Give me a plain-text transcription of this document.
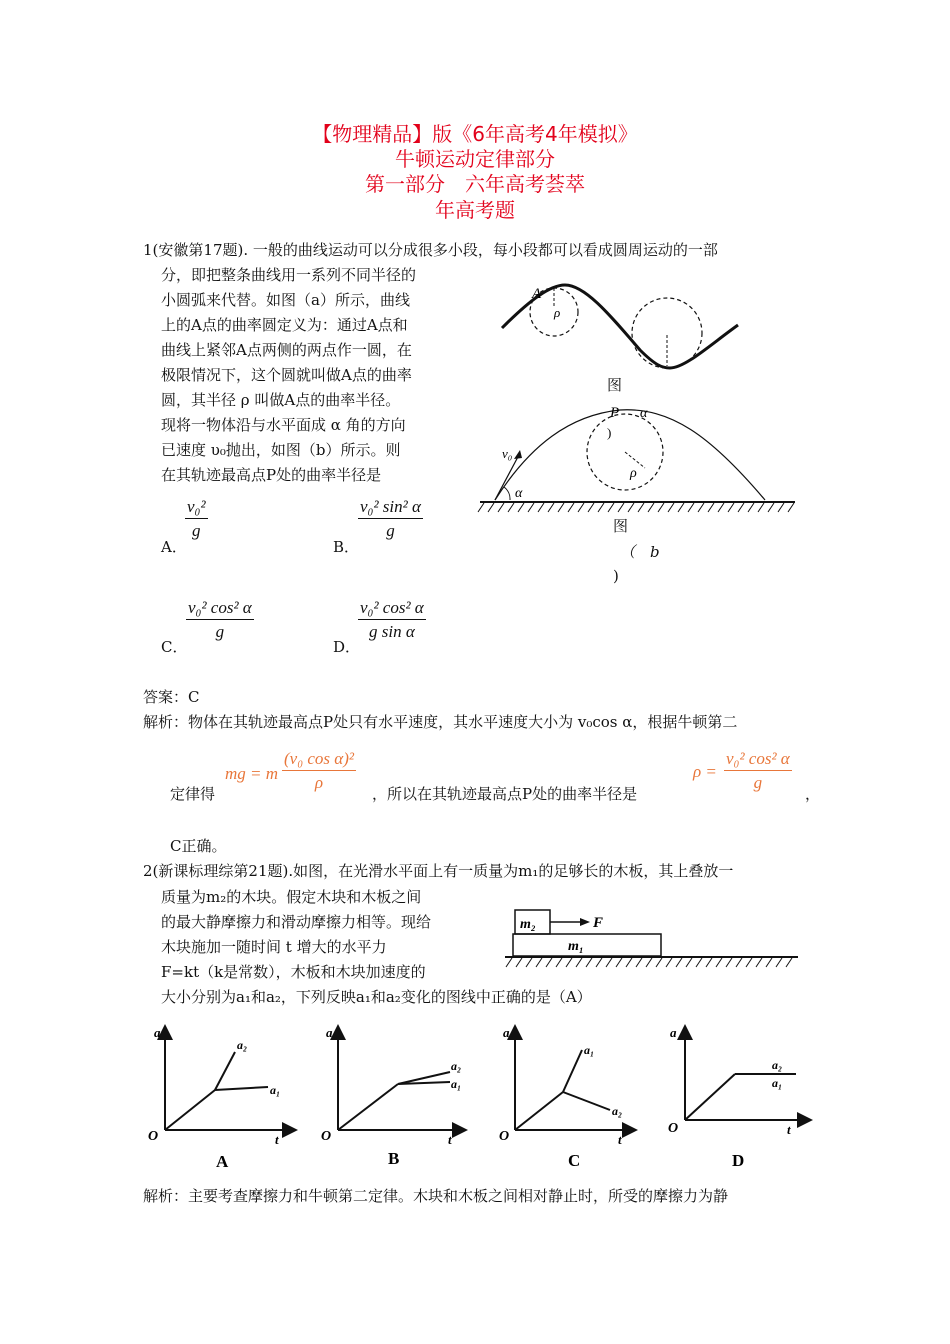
【物理精品】版《6年高考4年模拟》
牛顿运动定律部分
第一部分　六年高考荟萃
年高考题
1(安徽第17题). 一般的曲线运动可以分成很多小段，每小段都可以看成圆周运动的一部
分，即把整条曲线用一系列不同半径的
小圆弧来代替。如图（a）所示，曲线
上的A点的曲率圆定义为：通过A点和
曲线上紧邻A点两侧的两点作一圆，在
极限情况下，这个圆就叫做A点的曲率
圆，其半径 ρ 叫做A点的曲率半径。
现将一物体沿与水平面成 α 角的方向
已速度 υ₀抛出，如图（b）所示。则
在其轨迹最高点P处的曲率半径是
A．
$\frac{\text{v₀²}}{g}$
B．
$\frac{\text{v₀² sin² α}}{g}$
C．
$\frac{\text{v₀² cos² α}}{g}$
D．
$\frac{\text{v₀² cos² α}}{\text{g sin α}}$
A
ρ
图
P α
)
v₀
α
ρ
图
（　b
)
答案：C
解析：物体在其轨迹最高点P处只有水平速度，其水平速度大小为 v₀cos α，根据牛顿第二
定律得
mg = m $\frac{\text{(v₀ cos α)²}}{\rho}$
，所以在其轨迹最高点P处的曲率半径是
$\rho = \frac{\text{v₀² cos² α}}{g}$
，
C正确。
2(新课标理综第21题).如图，在光滑水平面上有一质量为m₁的足够长的木板，其上叠放一
质量为m₂的木块。假定木块和木板之间
的最大静摩擦力和滑动摩擦力相等。现给
木块施加一随时间 t 增大的水平力
F=kt（k是常数），木板和木块加速度的
大小分别为a₁和a₂，下列反映a₁和a₂变化的图线中正确的是（A）
m₂
m₁
F
a
t
O
a₂
a₁
A
a
t
O
a₂
a₁
B
a
t
O
a₁
a₂
C
a
t
O
a₂
a₁
D
解析：主要考查摩擦力和牛顿第二定律。木块和木板之间相对静止时，所受的摩擦力为静
